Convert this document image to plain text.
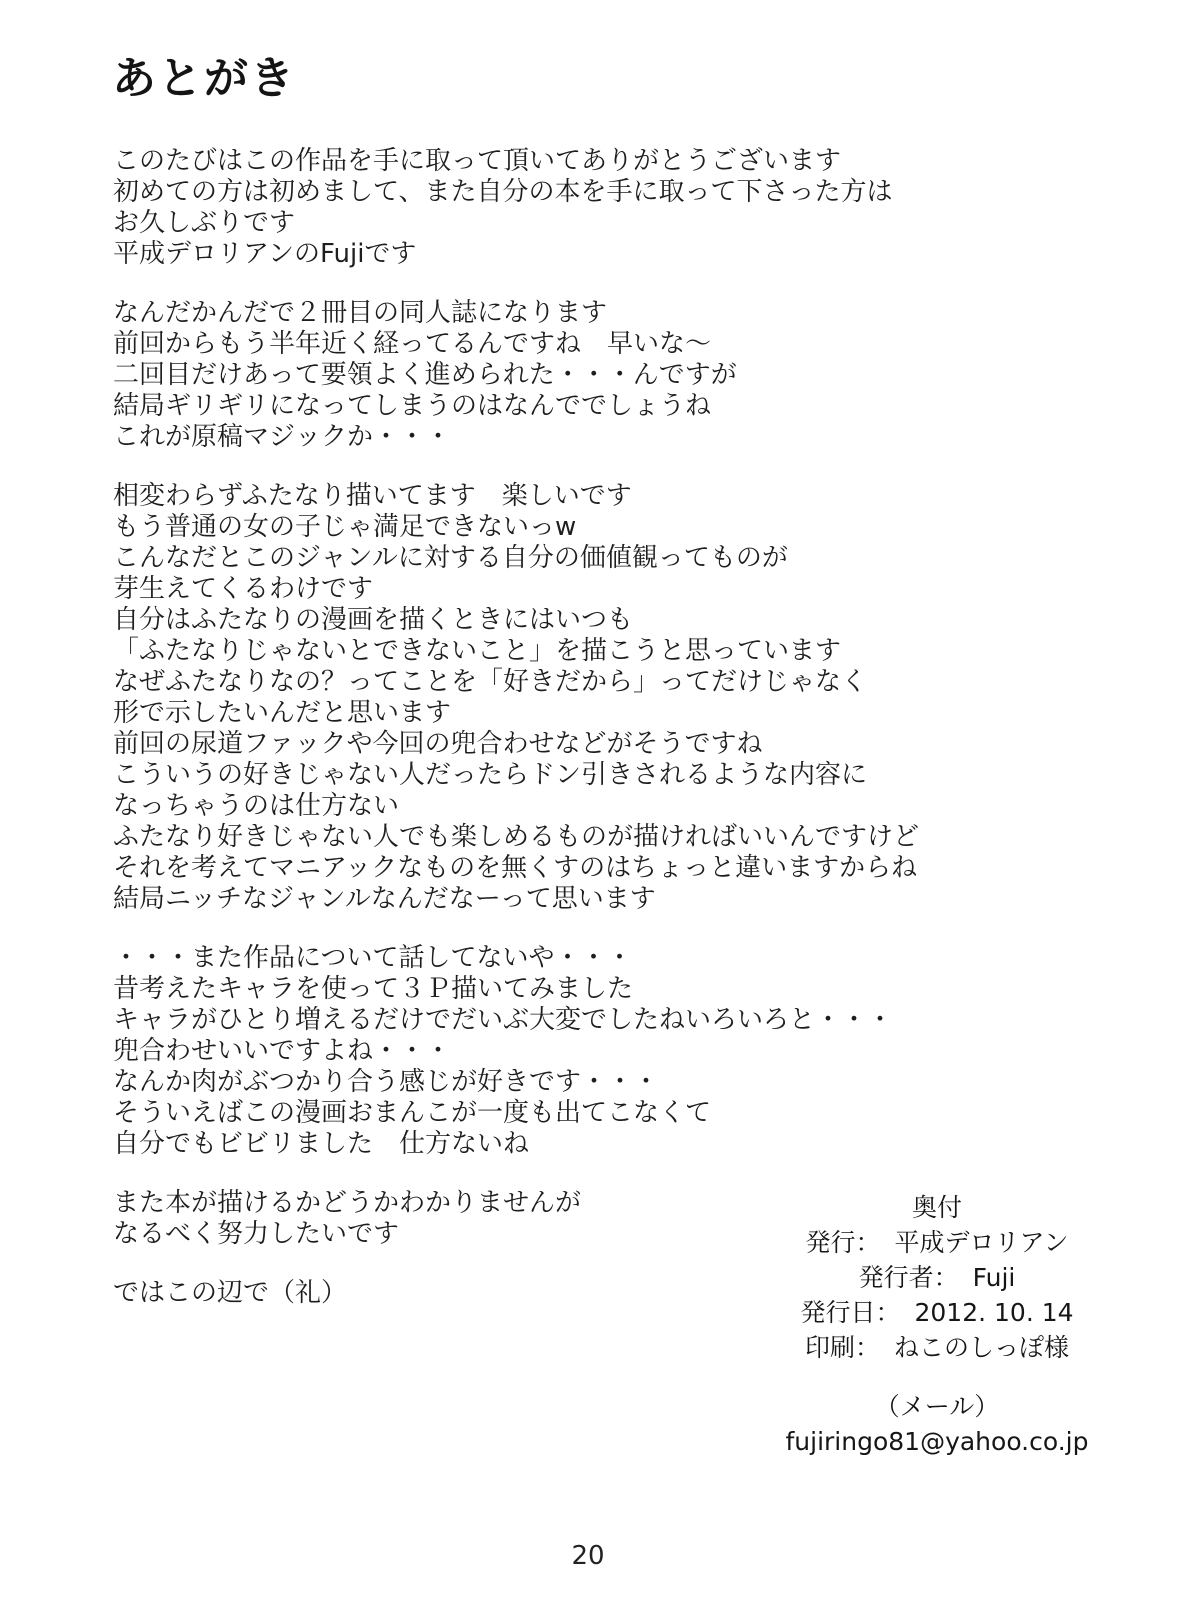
あとがき
このたびはこの作品を手に取って頂いてありがとうございます
初めての方は初めまして、また自分の本を手に取って下さった方は
お久しぶりです
平成デロリアンのFujiです
なんだかんだで２冊目の同人誌になります
前回からもう半年近く経ってるんですね　早いな～
二回目だけあって要領よく進められた・・・んですが
結局ギリギリになってしまうのはなんででしょうね
これが原稿マジックか・・・
相変わらずふたなり描いてます　楽しいです
もう普通の女の子じゃ満足できないっw
こんなだとこのジャンルに対する自分の価値観ってものが
芽生えてくるわけです
自分はふたなりの漫画を描くときにはいつも
「ふたなりじゃないとできないこと」を描こうと思っています
なぜふたなりなの？ってことを「好きだから」ってだけじゃなく
形で示したいんだと思います
前回の尿道ファックや今回の兜合わせなどがそうですね
こういうの好きじゃない人だったらドン引きされるような内容に
なっちゃうのは仕方ない
ふたなり好きじゃない人でも楽しめるものが描ければいいんですけど
それを考えてマニアックなものを無くすのはちょっと違いますからね
結局ニッチなジャンルなんだなーって思います
・・・また作品について話してないや・・・
昔考えたキャラを使って３Ｐ描いてみました
キャラがひとり増えるだけでだいぶ大変でしたねいろいろと・・・
兜合わせいいですよね・・・
なんか肉がぶつかり合う感じが好きです・・・
そういえばこの漫画おまんこが一度も出てこなくて
自分でもビビリました　仕方ないね
また本が描けるかどうかわかりませんが
なるべく努力したいです
ではこの辺で（礼）
奥付
発行： 平成デロリアン
発行者： Fuji
発行日： 2012. 10. 14
印刷： ねこのしっぽ様
（メール）
fujiringo81@yahoo.co.jp
20
